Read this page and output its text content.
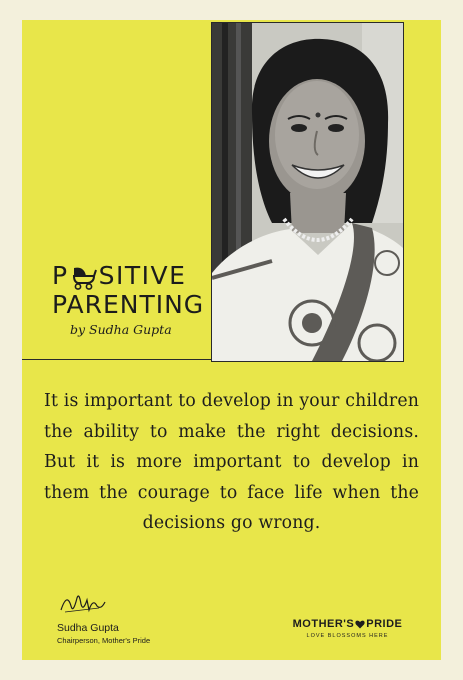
P SITIVE
PARENTING
by Sudha Gupta
It is important to develop in your children the ability to make the right decisions. But it is more important to develop in them the courage to face life when the decisions go wrong.
Sudha Gupta
Chairperson, Mother's Pride
MOTHER'S PRIDE
LOVE BLOSSOMS HERE
